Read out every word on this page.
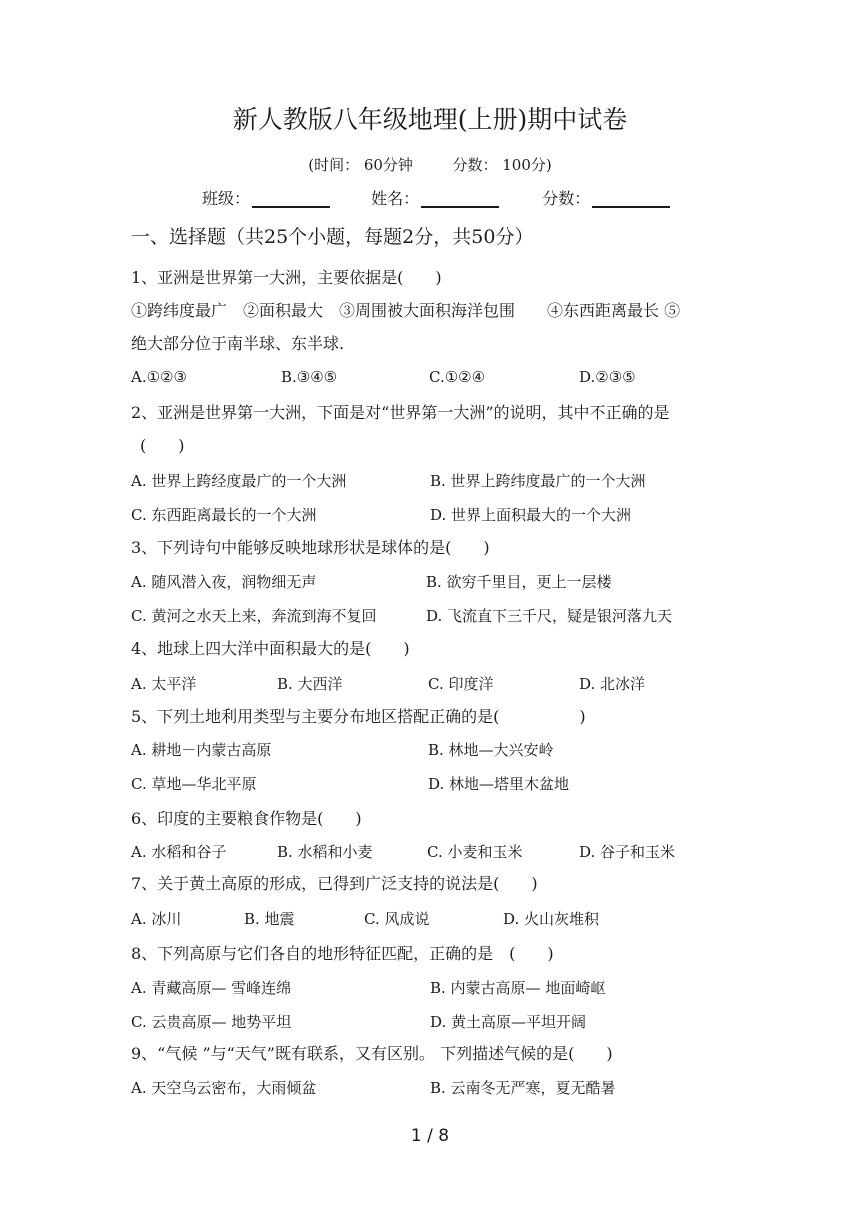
新人教版八年级地理(上册)期中试卷
(时间： 60分钟	分数： 100分)
班级：	姓名：	分数：
一、选择题（共25个小题，每题2分，共50分）
1、亚洲是世界第一大洲，主要依据是(　　)
①跨纬度最广　②面积最大　③周围被大面积海洋包围　　④东西距离最长 ⑤
绝大部分位于南半球、东半球.
A.①②③	B.③④⑤	C.①②④	D.②③⑤
2、亚洲是世界第一大洲，下面是对“世界第一大洲”的说明，其中不正确的是
(　　)
A. 世界上跨经度最广的一个大洲	B. 世界上跨纬度最广的一个大洲
C. 东西距离最长的一个大洲	D. 世界上面积最大的一个大洲
3、下列诗句中能够反映地球形状是球体的是(　　)
A. 随风潜入夜，润物细无声	B. 欲穷千里目，更上一层楼
C. 黄河之水天上来，奔流到海不复回	D. 飞流直下三千尺，疑是银河落九天
4、地球上四大洋中面积最大的是(　　)
A. 太平洋	B. 大西洋	C. 印度洋	D. 北冰洋
5、下列土地利用类型与主要分布地区搭配正确的是(　　　　　)
A. 耕地－内蒙古高原	B. 林地—大兴安岭
C. 草地—华北平原	D. 林地—塔里木盆地
6、印度的主要粮食作物是(　　)
A. 水稻和谷子	B. 水稻和小麦	C. 小麦和玉米	D. 谷子和玉米
7、关于黄土高原的形成，已得到广泛支持的说法是(　　)
A. 冰川	B. 地震	C. 风成说	D. 火山灰堆积
8、下列高原与它们各自的地形特征匹配，正确的是　(　　)
A. 青藏高原— 雪峰连绵	B. 内蒙古高原— 地面崎岖
C. 云贵高原— 地势平坦	D. 黄土高原—平坦开阔
9、“气候 ”与“天气”既有联系，又有区别。 下列描述气候的是(　　)
A. 天空乌云密布，大雨倾盆	B. 云南冬无严寒，夏无酷暑
1 / 8
